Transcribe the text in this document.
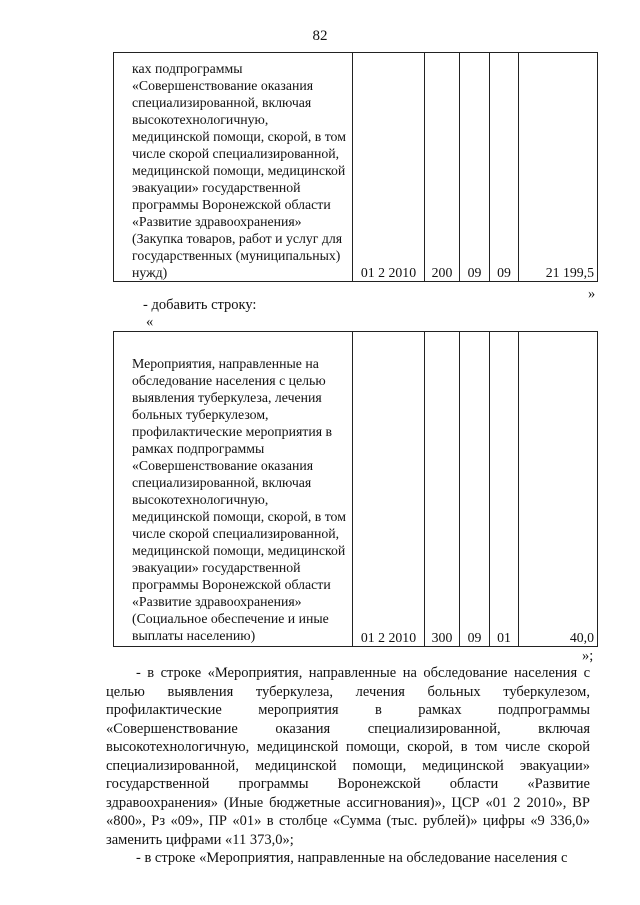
82
ках подпрограммы «Совершенствование оказания специализированной, включая высокотехнологичную, медицинской помощи, скорой, в том числе скорой специализированной, медицинской помощи, медицинской эвакуации» государственной программы Воронежской области «Развитие здравоохранения» (Закупка товаров, работ и услуг для государственных (муниципальных) нужд)	01 2 2010	200	09	09	21 199,5
»
- добавить строку:
«
Мероприятия, направленные на обследование населения с целью выявления туберкулеза, лечения больных туберкулезом, профилактические мероприятия в рамках подпрограммы «Совершенствование оказания специализированной, включая высокотехнологичную, медицинской помощи, скорой, в том числе скорой специализированной, медицинской помощи, медицинской эвакуации» государственной программы Воронежской области «Развитие здравоохранения» (Социальное обеспечение и иные выплаты населению)	01 2 2010	300	09	01	40,0
»;

- в строке «Мероприятия, направленные на обследование населения с целью выявления туберкулеза, лечения больных туберкулезом, профилактические мероприятия в рамках подпрограммы «Совершенствование оказания специализированной, включая высокотехнологичную, медицинской помощи, скорой, в том числе скорой специализированной, медицинской помощи, медицинской эвакуации» государственной программы Воронежской области «Развитие здравоохранения» (Иные бюджетные ассигнования)», ЦСР «01 2 2010», ВР «800», Рз «09», ПР «01» в столбце «Сумма (тыс. рублей)» цифры «9 336,0» заменить цифрами «11 373,0»;

- в строке «Мероприятия, направленные на обследование населения с
